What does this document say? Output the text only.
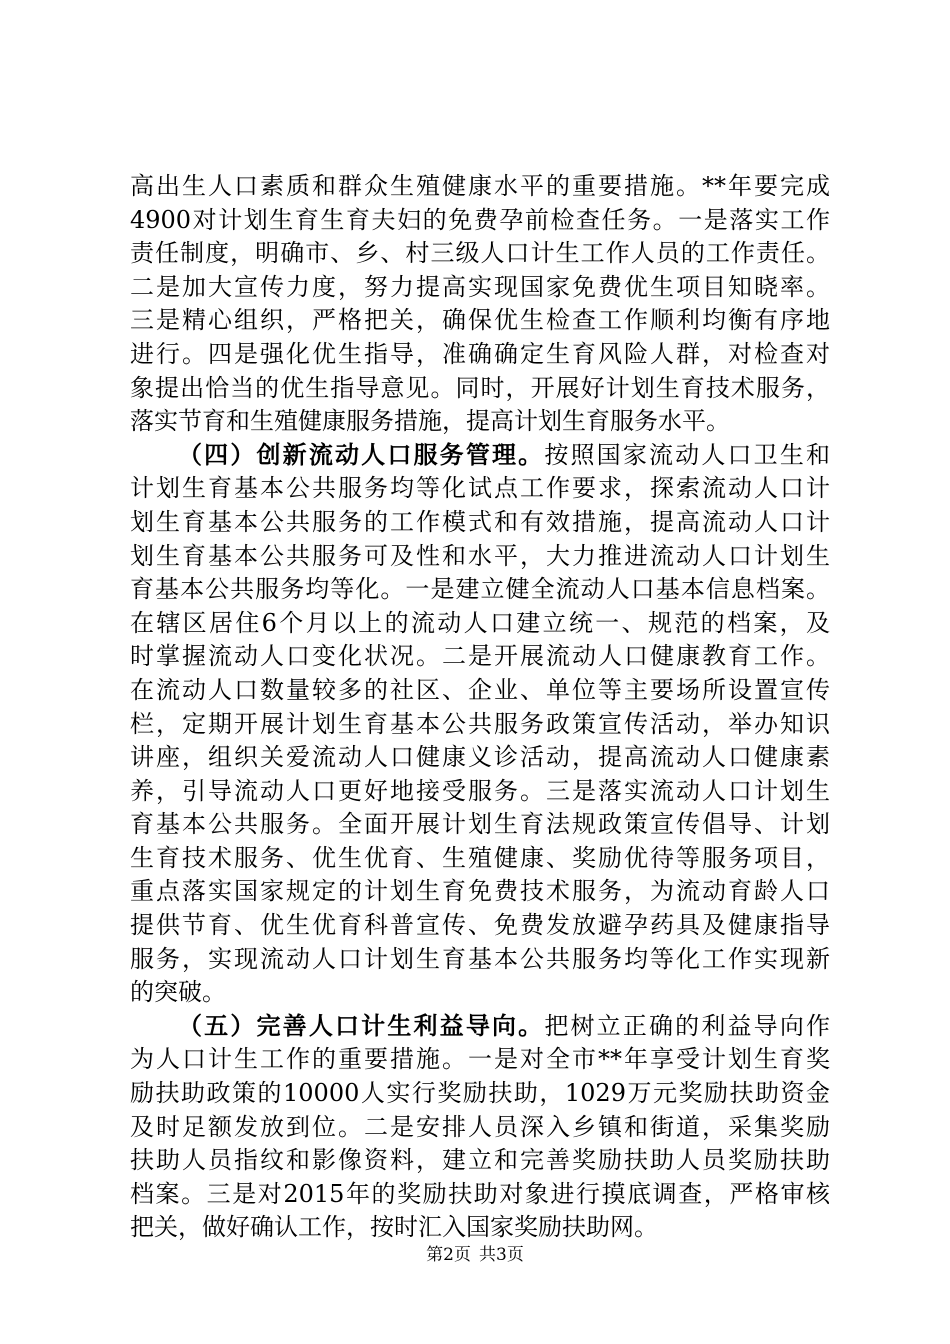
高出生人口素质和群众生殖健康水平的重要措施。**年要完成
4900对计划生育生育夫妇的免费孕前检查任务。一是落实工作
责任制度，明确市、乡、村三级人口计生工作人员的工作责任。
二是加大宣传力度，努力提高实现国家免费优生项目知晓率。
三是精心组织，严格把关，确保优生检查工作顺利均衡有序地
进行。四是强化优生指导，准确确定生育风险人群，对检查对
象提出恰当的优生指导意见。同时，开展好计划生育技术服务，
落实节育和生殖健康服务措施，提高计划生育服务水平。
（四）创新流动人口服务管理。按照国家流动人口卫生和
计划生育基本公共服务均等化试点工作要求，探索流动人口计
划生育基本公共服务的工作模式和有效措施，提高流动人口计
划生育基本公共服务可及性和水平，大力推进流动人口计划生
育基本公共服务均等化。一是建立健全流动人口基本信息档案。
在辖区居住6个月以上的流动人口建立统一、规范的档案，及
时掌握流动人口变化状况。二是开展流动人口健康教育工作。
在流动人口数量较多的社区、企业、单位等主要场所设置宣传
栏，定期开展计划生育基本公共服务政策宣传活动，举办知识
讲座，组织关爱流动人口健康义诊活动，提高流动人口健康素
养，引导流动人口更好地接受服务。三是落实流动人口计划生
育基本公共服务。全面开展计划生育法规政策宣传倡导、计划
生育技术服务、优生优育、生殖健康、奖励优待等服务项目，
重点落实国家规定的计划生育免费技术服务，为流动育龄人口
提供节育、优生优育科普宣传、免费发放避孕药具及健康指导
服务，实现流动人口计划生育基本公共服务均等化工作实现新
的突破。
（五）完善人口计生利益导向。把树立正确的利益导向作
为人口计生工作的重要措施。一是对全市**年享受计划生育奖
励扶助政策的10000人实行奖励扶助，1029万元奖励扶助资金
及时足额发放到位。二是安排人员深入乡镇和街道，采集奖励
扶助人员指纹和影像资料，建立和完善奖励扶助人员奖励扶助
档案。三是对2015年的奖励扶助对象进行摸底调查，严格审核
把关，做好确认工作，按时汇入国家奖励扶助网。
第2页 共3页
